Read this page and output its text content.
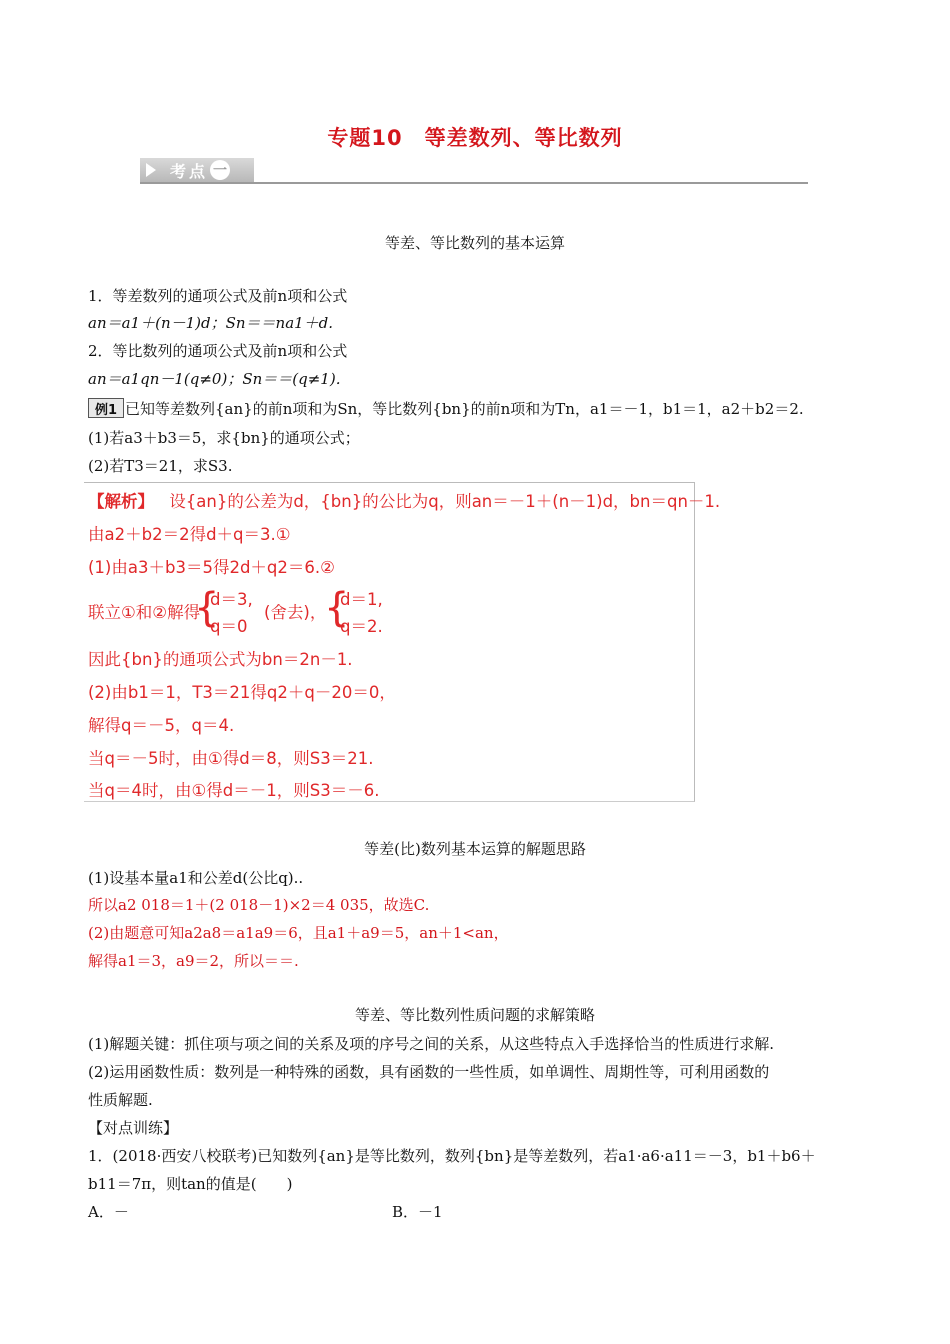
专题10　等差数列、等比数列
考点 一
等差、等比数列的基本运算
1．等差数列的通项公式及前n项和公式
an＝a1＋(n－1)d；Sn＝＝na1＋d.
2．等比数列的通项公式及前n项和公式
an＝a1qn－1(q≠0)；Sn＝＝(q≠1)．
例1 已知等差数列{an}的前n项和为Sn，等比数列{bn}的前n项和为Tn，a1＝－1，b1＝1，a2＋b2＝2.
(1)若a3＋b3＝5，求{bn}的通项公式；
(2)若T3＝21，求S3.
【解析】 设{an}的公差为d，{bn}的公比为q，则an＝－1＋(n－1)d，bn＝qn－1.
由a2＋b2＝2得d＋q＝3.①
(1)由a3＋b3＝5得2d＋q2＝6.②
联立①和②解得
{
d＝3,
q＝0
(舍去)，
{
d＝1,
q＝2.
因此{bn}的通项公式为bn＝2n－1.
(2)由b1＝1，T3＝21得q2＋q－20＝0，
解得q＝－5，q＝4.
当q＝－5时，由①得d＝8，则S3＝21.
当q＝4时，由①得d＝－1，则S3＝－6.
等差(比)数列基本运算的解题思路
(1)设基本量a1和公差d(公比q)..
所以a2 018＝1＋(2 018－1)×2＝4 035，故选C.
(2)由题意可知a2a8＝a1a9＝6，且a1＋a9＝5，an＋1<an，
解得a1＝3，a9＝2，所以＝＝.
等差、等比数列性质问题的求解策略
(1)解题关键：抓住项与项之间的关系及项的序号之间的关系，从这些特点入手选择恰当的性质进行求解.
(2)运用函数性质：数列是一种特殊的函数，具有函数的一些性质，如单调性、周期性等，可利用函数的
性质解题.
【对点训练】
1．(2018·西安八校联考)已知数列{an}是等比数列，数列{bn}是等差数列，若a1·a6·a11＝－3，b1＋b6＋
b11＝7π，则tan的值是(　　)
A．－	B．－1
